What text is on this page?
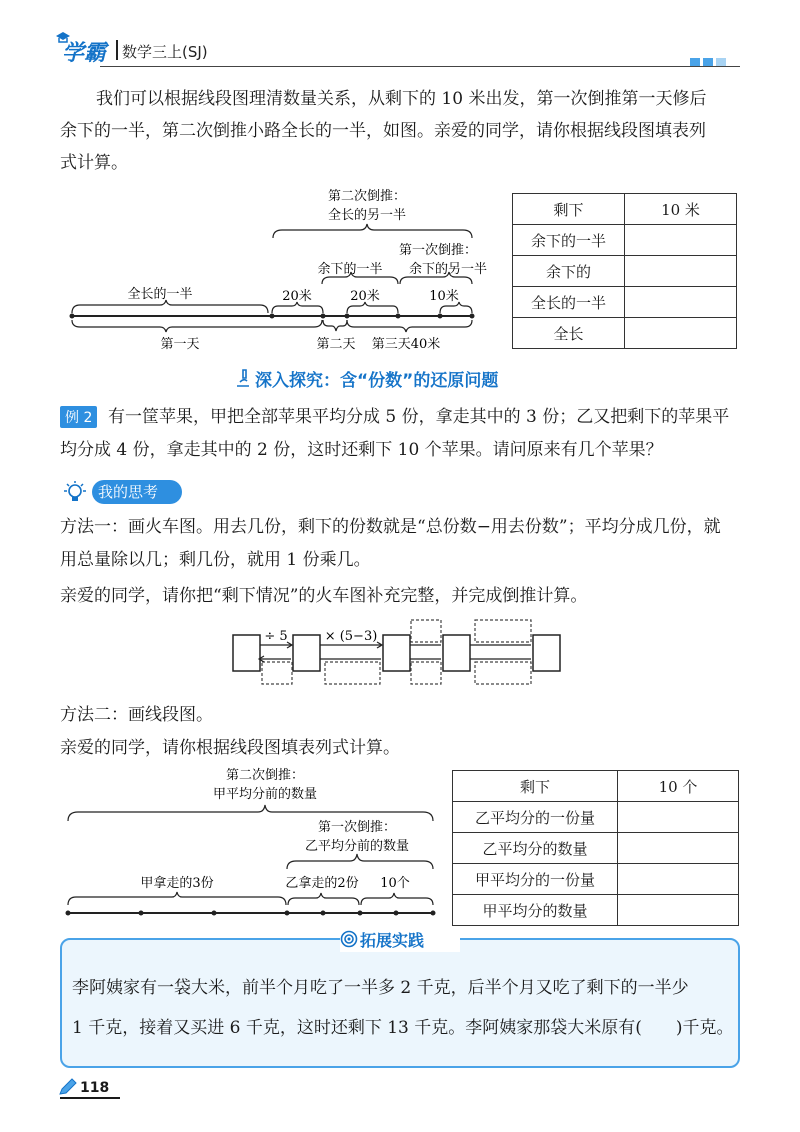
学霸 数学三上(SJ)
我们可以根据线段图理清数量关系，从剩下的 10 米出发，第一次倒推第一天修后
余下的一半，第二次倒推小路全长的一半，如图。亲爱的同学，请你根据线段图填表列
式计算。
第二次倒推：
全长的另一半
第一次倒推：
余下的一半 余下的另一半
全长的一半	20米	20米	10米
第一天	第二天 第三天40米
剩下	10 米
余下的一半	
余下的	
全长的一半	
全长	
深入探究：含“份数”的还原问题
例 2 有一筐苹果，甲把全部苹果平均分成 5 份，拿走其中的 3 份；乙又把剩下的苹果平
均分成 4 份，拿走其中的 2 份，这时还剩下 10 个苹果。请问原来有几个苹果？
我的思考
方法一：画火车图。用去几份，剩下的份数就是“总份数−用去份数”；平均分成几份，就
用总量除以几；剩几份，就用 1 份乘几。
亲爱的同学，请你把“剩下情况”的火车图补充完整，并完成倒推计算。
÷ 5	× (5−3)
方法二：画线段图。
亲爱的同学，请你根据线段图填表列式计算。
第二次倒推：
甲平均分前的数量
第一次倒推：
乙平均分前的数量
甲拿走的3份	乙拿走的2份 10个
剩下	10 个
乙平均分的一份量	
乙平均分的数量	
甲平均分的一份量	
甲平均分的数量	
拓展实践
李阿姨家有一袋大米，前半个月吃了一半多 2 千克，后半个月又吃了剩下的一半少
1 千克，接着又买进 6 千克，这时还剩下 13 千克。李阿姨家那袋大米原有(　　)千克。
118
